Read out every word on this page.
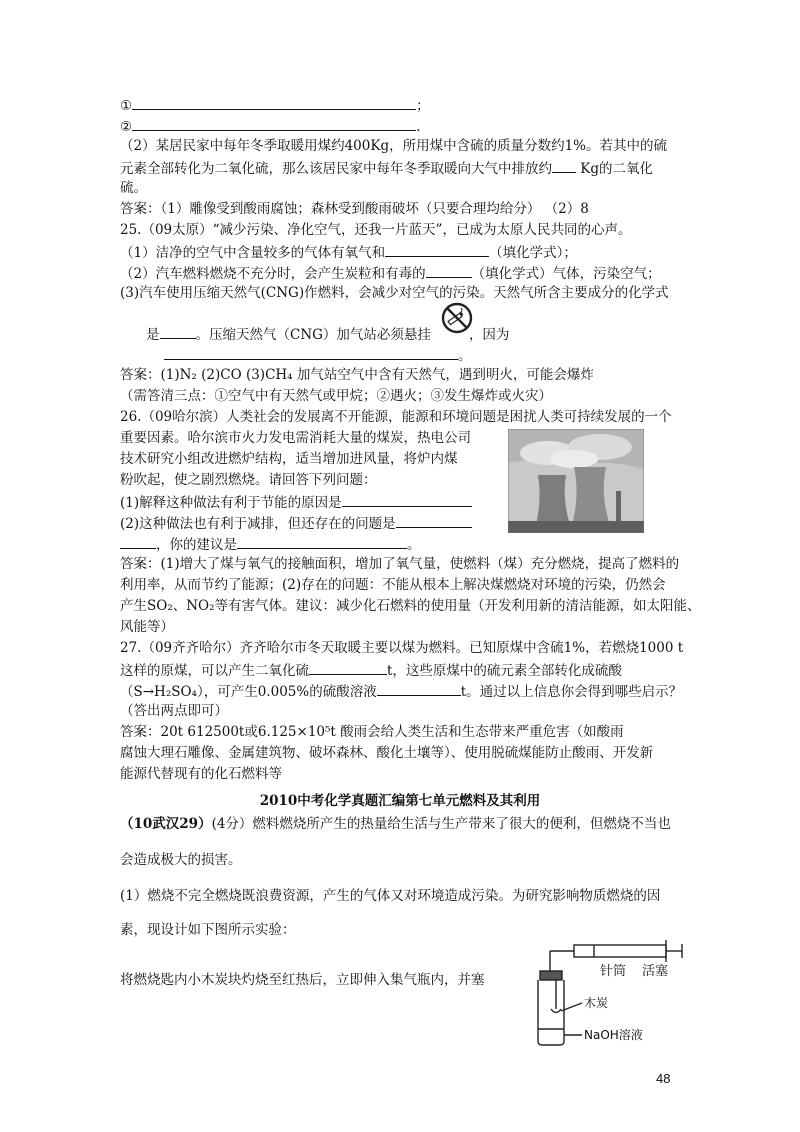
①	；
②	.
（2）某居民家中每年冬季取暖用煤约400Kg，所用煤中含硫的质量分数约1%。若其中的硫
元素全部转化为二氧化硫，那么该居民家中每年冬季取暖向大气中排放约 Kg的二氧化
硫。
答案：（1）雕像受到酸雨腐蚀；森林受到酸雨破坏（只要合理均给分） （2）8
25.（09太原）“减少污染、净化空气，还我一片蓝天”，已成为太原人民共同的心声。
（1）洁净的空气中含量较多的气体有氧气和	（填化学式）；
（2）汽车燃料燃烧不充分时，会产生炭粒和有毒的	（填化学式）气体，污染空气；
(3)汽车使用压缩天然气(CNG)作燃料，会减少对空气的污染。天然气所含主要成分的化学式
是	。压缩天然气（CNG）加气站必须悬挂	，因为
。
答案：(1)N₂ (2)CO (3)CH₄ 加气站空气中含有天然气，遇到明火，可能会爆炸
（需答清三点：①空气中有天然气或甲烷；②遇火；③发生爆炸或火灾）
26.（09哈尔滨）人类社会的发展离不开能源，能源和环境问题是困扰人类可持续发展的一个
重要因素。哈尔滨市火力发电需消耗大量的煤炭，热电公司
技术研究小组改进燃炉结构，适当增加进风量，将炉内煤
粉吹起，使之剧烈燃烧。请回答下列问题：
(1)解释这种做法有利于节能的原因是
(2)这种做法也有利于减排，但还存在的问题是
，你的建议是	。
答案：(1)增大了煤与氧气的接触面积，增加了氧气量，使燃料（煤）充分燃烧，提高了燃料的
利用率，从而节约了能源；(2)存在的问题：不能从根本上解决煤燃烧对环境的污染，仍然会
产生SO₂、NO₂等有害气体。建议：减少化石燃料的使用量（开发利用新的清洁能源，如太阳能、
风能等）
27.（09齐齐哈尔）齐齐哈尔市冬天取暖主要以煤为燃料。已知原煤中含硫1%，若燃烧1000 t
这样的原煤，可以产生二氧化硫	t，这些原煤中的硫元素全部转化成硫酸
（S→H₂SO₄），可产生0.005%的硫酸溶液	t。通过以上信息你会得到哪些启示？
（答出两点即可）
答案：20t 612500t或6.125×10⁵t 酸雨会给人类生活和生态带来严重危害（如酸雨
腐蚀大理石雕像、金属建筑物、破坏森林、酸化土壤等）、使用脱硫煤能防止酸雨、开发新
能源代替现有的化石燃料等
2010中考化学真题汇编第七单元燃料及其利用
（10武汉29）(4分）燃料燃烧所产生的热量给生活与生产带来了很大的便利，但燃烧不当也
会造成极大的损害。
(1）燃烧不完全燃烧既浪费资源，产生的气体又对环境造成污染。为研究影响物质燃烧的因
素，现设计如下图所示实验：
将燃烧匙内小木炭块灼烧至红热后，立即伸入集气瓶内，并塞
针筒 活塞
木炭
NaOH溶液
48
